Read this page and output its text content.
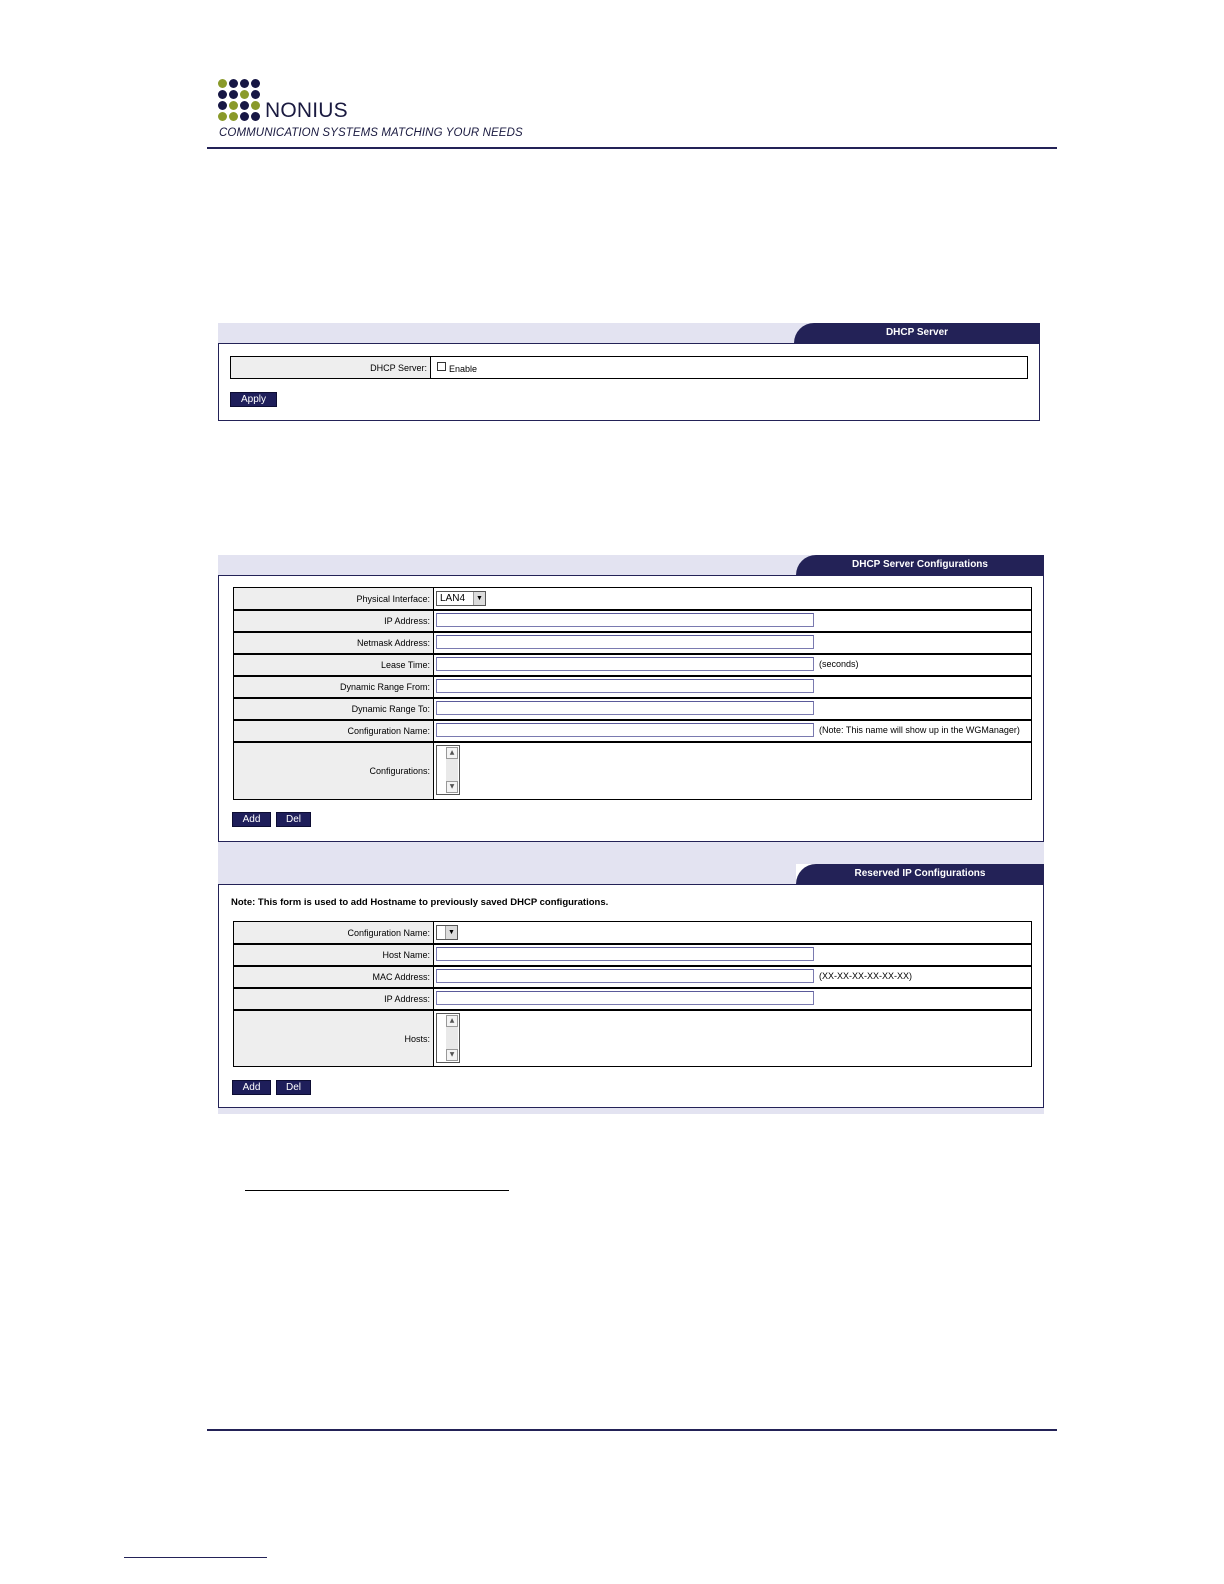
NONIUS
COMMUNICATION SYSTEMS MATCHING YOUR NEEDS
DHCP Server
DHCP Server:	Enable
Apply
DHCP Server Configurations
Physical Interface:	LAN4	▼
IP Address:
Netmask Address:
Lease Time:	(seconds)
Dynamic Range From:
Dynamic Range To:
Configuration Name:	(Note: This name will show up in the WGManager)
Configurations:
▲
▼
Add	Del
Reserved IP Configurations
Note: This form is used to add Hostname to previously saved DHCP configurations.
Configuration Name:	▼
Host Name:
MAC Address:	(XX-XX-XX-XX-XX-XX)
IP Address:
Hosts:
▲
▼
Add	Del
